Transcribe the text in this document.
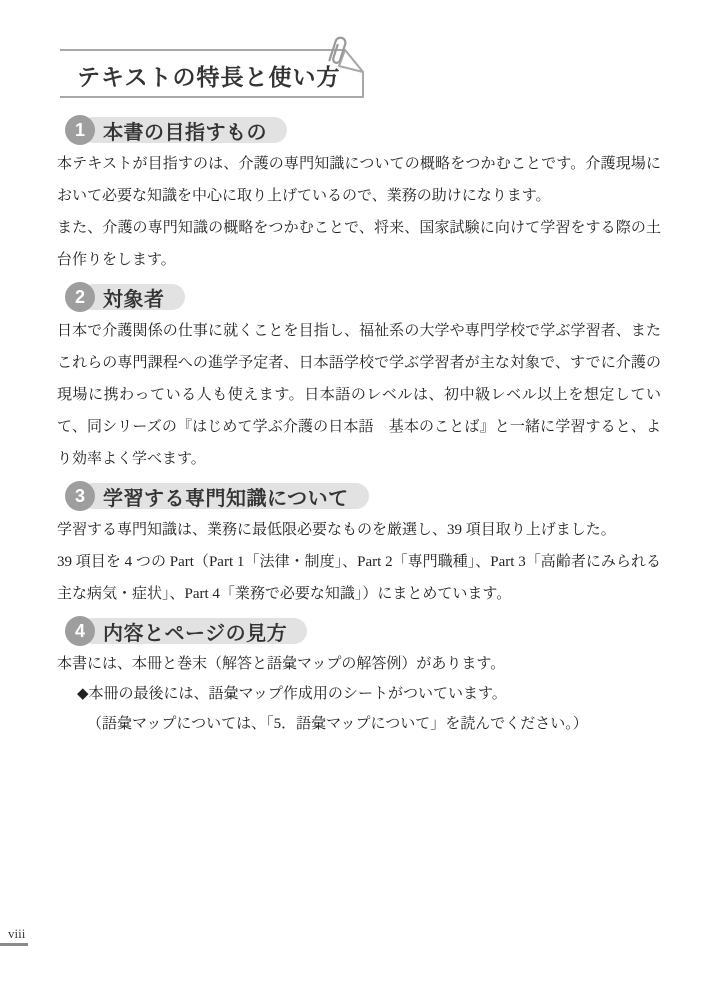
テキストの特長と使い方
1 本書の目指すもの

本テキストが目指すのは、介護の専門知識についての概略をつかむことです。介護現場において必要な知識を中心に取り上げているので、業務の助けになります。

また、介護の専門知識の概略をつかむことで、将来、国家試験に向けて学習をする際の土台作りをします。

2 対象者

日本で介護関係の仕事に就くことを目指し、福祉系の大学や専門学校で学ぶ学習者、またこれらの専門課程への進学予定者、日本語学校で学ぶ学習者が主な対象で、すでに介護の現場に携わっている人も使えます。日本語のレベルは、初中級レベル以上を想定していて、同シリーズの『はじめて学ぶ介護の日本語　基本のことば』と一緒に学習すると、より効率よく学べます。

3 学習する専門知識について

学習する専門知識は、業務に最低限必要なものを厳選し、39 項目取り上げました。

39 項目を 4 つの Part（Part 1「法律・制度」、Part 2「専門職種」、Part 3「高齢者にみられる主な病気・症状」、Part 4「業務で必要な知識」）にまとめています。

4 内容とページの見方

本書には、本冊と巻末（解答と語彙マップの解答例）があります。

◆本冊の最後には、語彙マップ作成用のシートがついています。

（語彙マップについては、「5．語彙マップについて」を読んでください。）

viii
